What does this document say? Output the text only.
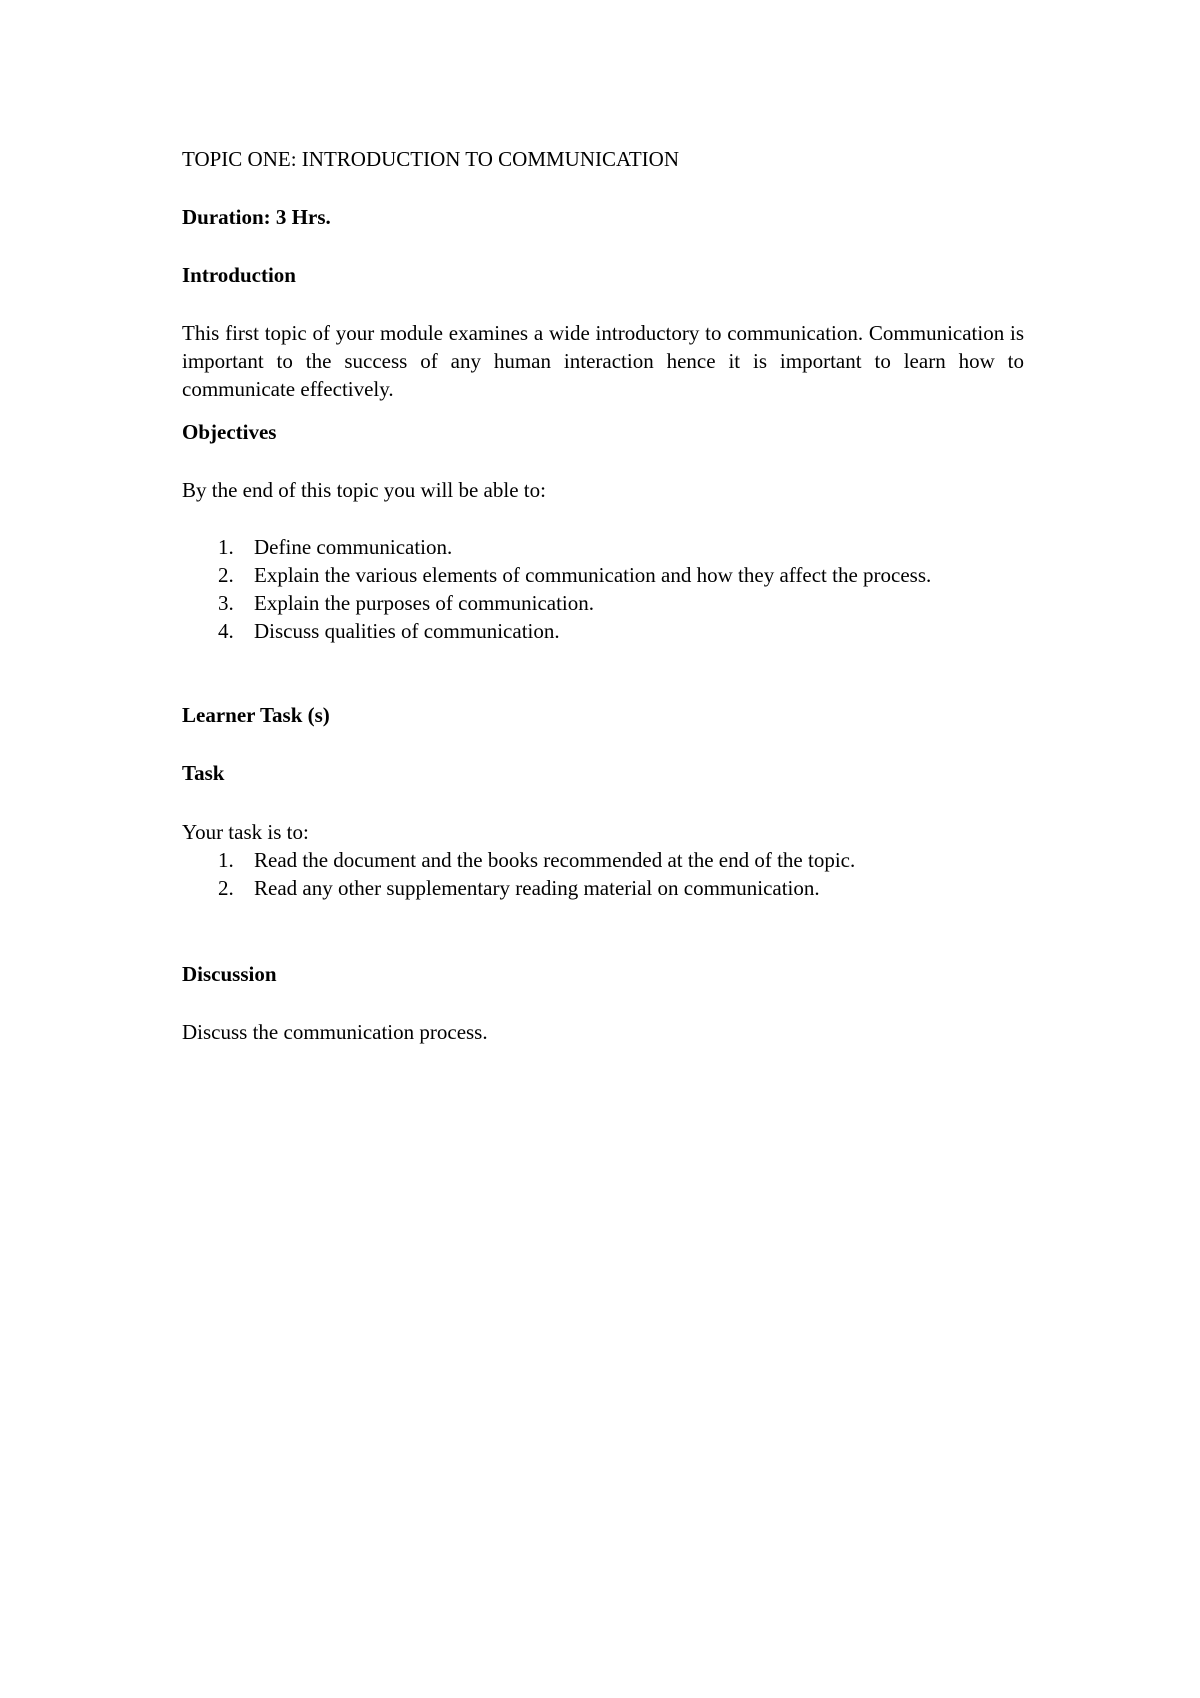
TOPIC ONE: INTRODUCTION TO COMMUNICATION

Duration: 3 Hrs.

Introduction

This first topic of your module examines a wide introductory to communication. Communication is important to the success of any human interaction hence it is important to learn how to communicate effectively.

Objectives

By the end of this topic you will be able to:

1. Define communication.
2. Explain the various elements of communication and how they affect the process.
3. Explain the purposes of communication.
4. Discuss qualities of communication.

Learner Task (s)

Task

Your task is to:

1. Read the document and the books recommended at the end of the topic.
2. Read any other supplementary reading material on communication.

Discussion

Discuss the communication process.
